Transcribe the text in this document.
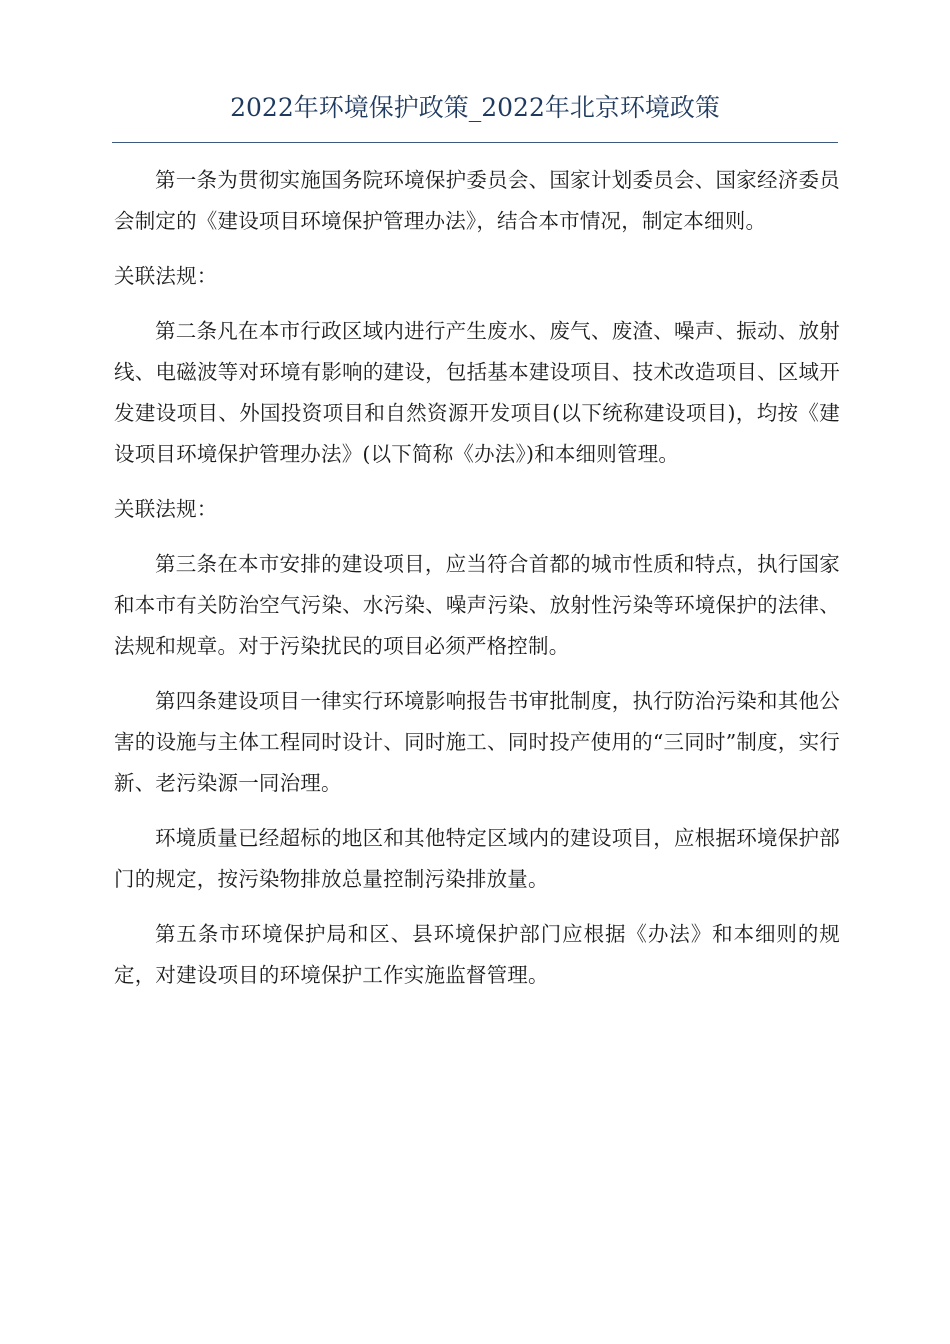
2022年环境保护政策_2022年北京环境政策

第一条为贯彻实施国务院环境保护委员会、国家计划委员会、国家经济委员会制定的《建设项目环境保护管理办法》，结合本市情况，制定本细则。

关联法规：

第二条凡在本市行政区域内进行产生废水、废气、废渣、噪声、振动、放射线、电磁波等对环境有影响的建设，包括基本建设项目、技术改造项目、区域开发建设项目、外国投资项目和自然资源开发项目(以下统称建设项目)，均按《建设项目环境保护管理办法》(以下简称《办法》)和本细则管理。

关联法规：

第三条在本市安排的建设项目，应当符合首都的城市性质和特点，执行国家和本市有关防治空气污染、水污染、噪声污染、放射性污染等环境保护的法律、法规和规章。对于污染扰民的项目必须严格控制。

第四条建设项目一律实行环境影响报告书审批制度，执行防治污染和其他公害的设施与主体工程同时设计、同时施工、同时投产使用的“三同时”制度，实行新、老污染源一同治理。

环境质量已经超标的地区和其他特定区域内的建设项目，应根据环境保护部门的规定，按污染物排放总量控制污染排放量。

第五条市环境保护局和区、县环境保护部门应根据《办法》和本细则的规定，对建设项目的环境保护工作实施监督管理。
